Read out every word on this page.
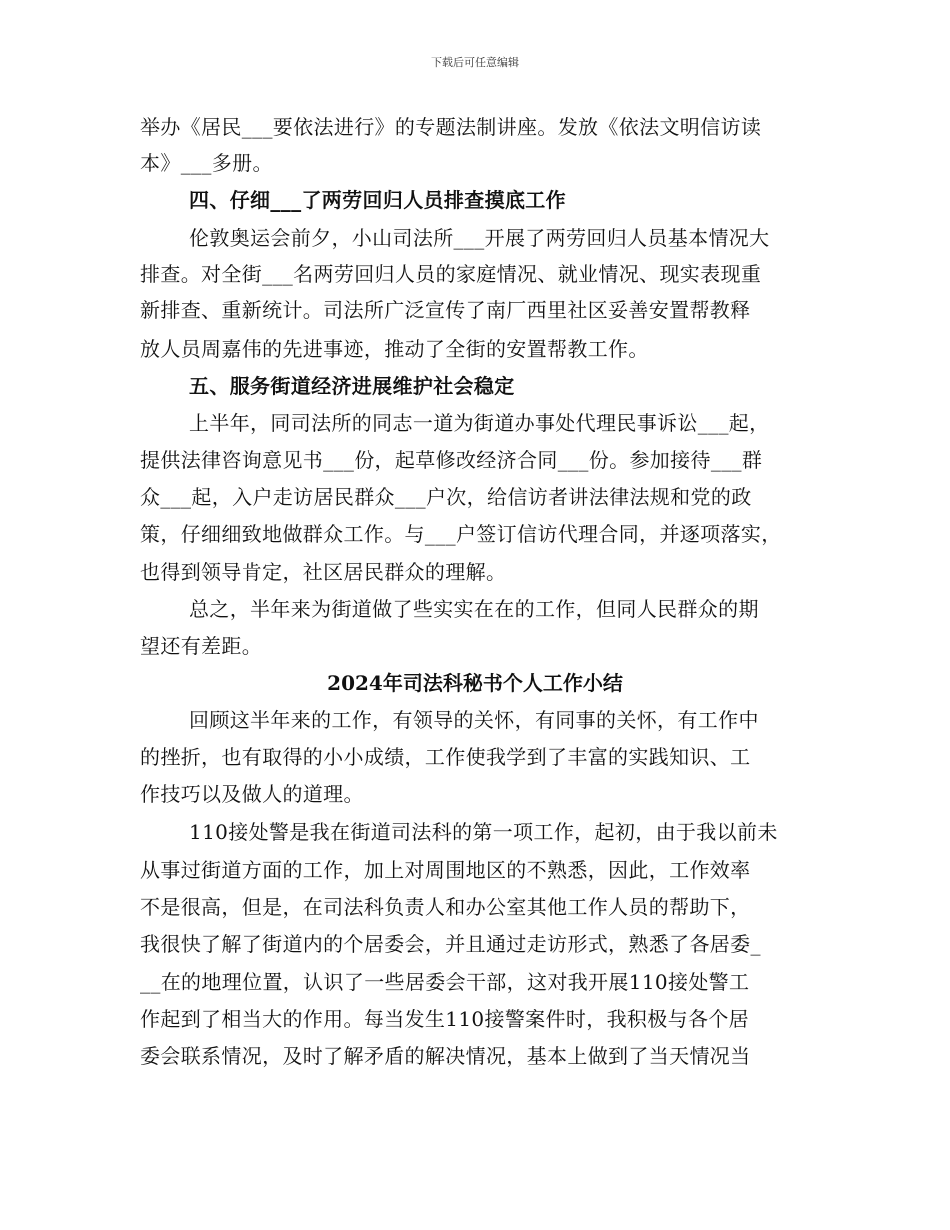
下载后可任意编辑
举办《居民___要依法进行》的专题法制讲座。发放《依法文明信访读
本》___多册。
四、仔细___了两劳回归人员排查摸底工作
伦敦奥运会前夕，小山司法所___开展了两劳回归人员基本情况大
排查。对全街___名两劳回归人员的家庭情况、就业情况、现实表现重
新排查、重新统计。司法所广泛宣传了南厂西里社区妥善安置帮教释
放人员周嘉伟的先进事迹，推动了全街的安置帮教工作。
五、服务街道经济进展维护社会稳定
上半年，同司法所的同志一道为街道办事处代理民事诉讼___起，
提供法律咨询意见书___份，起草修改经济合同___份。参加接待___群
众___起，入户走访居民群众___户次，给信访者讲法律法规和党的政
策，仔细细致地做群众工作。与___户签订信访代理合同，并逐项落实，
也得到领导肯定，社区居民群众的理解。
总之，半年来为街道做了些实实在在的工作，但同人民群众的期
望还有差距。
2024年司法科秘书个人工作小结
回顾这半年来的工作，有领导的关怀，有同事的关怀，有工作中
的挫折，也有取得的小小成绩，工作使我学到了丰富的实践知识、工
作技巧以及做人的道理。
110接处警是我在街道司法科的第一项工作，起初，由于我以前未
从事过街道方面的工作，加上对周围地区的不熟悉，因此，工作效率
不是很高，但是，在司法科负责人和办公室其他工作人员的帮助下，
我很快了解了街道内的个居委会，并且通过走访形式，熟悉了各居委_
__在的地理位置，认识了一些居委会干部，这对我开展110接处警工
作起到了相当大的作用。每当发生110接警案件时，我积极与各个居
委会联系情况，及时了解矛盾的解决情况，基本上做到了当天情况当
